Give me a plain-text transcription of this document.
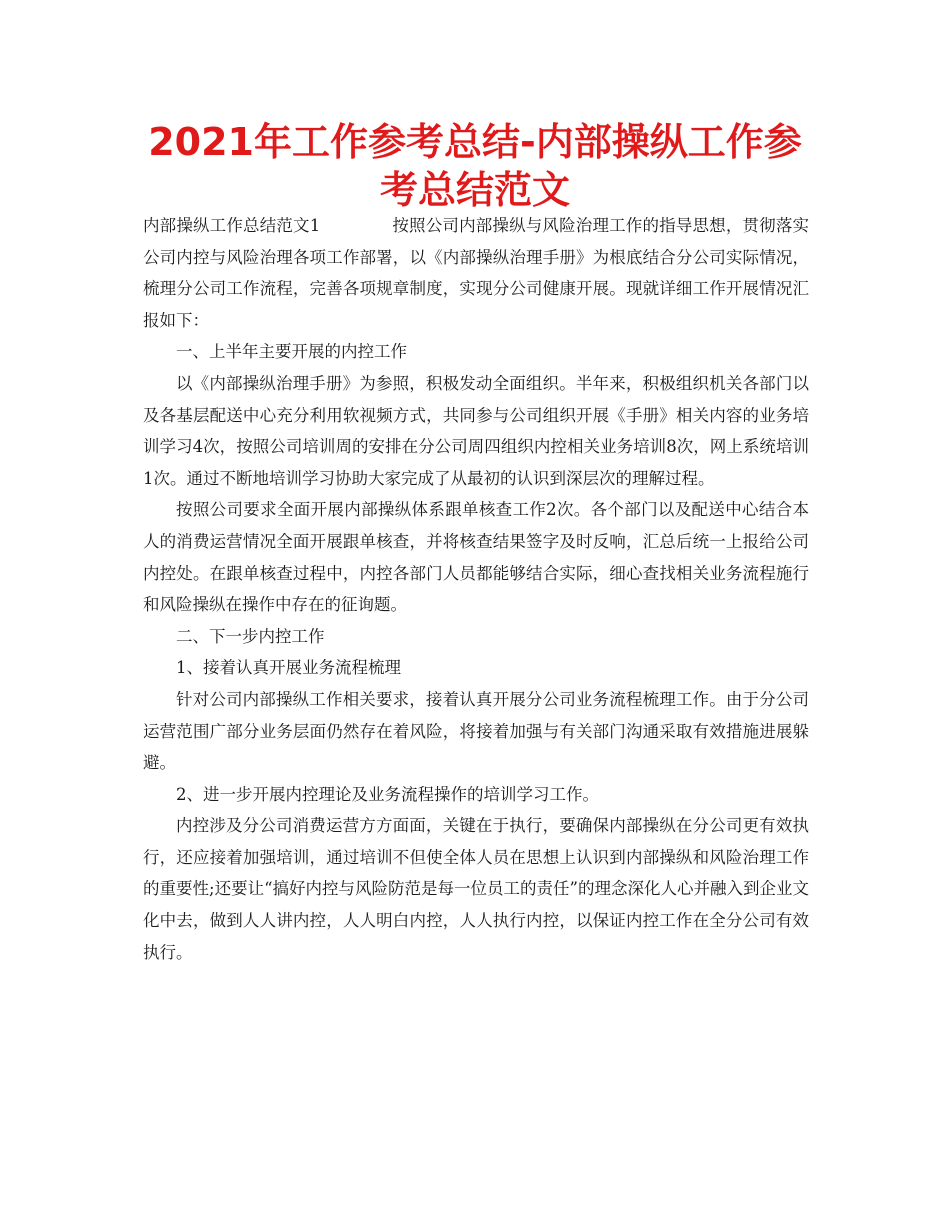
2021年工作参考总结-内部操纵工作参考总结范文

内部操纵工作总结范文1	按照公司内部操纵与风险治理工作的指导思想，贯彻落实公司内控与风险治理各项工作部署，以《内部操纵治理手册》为根底结合分公司实际情况，梳理分公司工作流程，完善各项规章制度，实现分公司健康开展。现就详细工作开展情况汇报如下：

一、上半年主要开展的内控工作

以《内部操纵治理手册》为参照，积极发动全面组织。半年来，积极组织机关各部门以及各基层配送中心充分利用软视频方式，共同参与公司组织开展《手册》相关内容的业务培训学习4次，按照公司培训周的安排在分公司周四组织内控相关业务培训8次，网上系统培训1次。通过不断地培训学习协助大家完成了从最初的认识到深层次的理解过程。

按照公司要求全面开展内部操纵体系跟单核查工作2次。各个部门以及配送中心结合本人的消费运营情况全面开展跟单核查，并将核查结果签字及时反响，汇总后统一上报给公司内控处。在跟单核查过程中，内控各部门人员都能够结合实际，细心查找相关业务流程施行和风险操纵在操作中存在的征询题。

二、下一步内控工作

1、接着认真开展业务流程梳理

针对公司内部操纵工作相关要求，接着认真开展分公司业务流程梳理工作。由于分公司运营范围广部分业务层面仍然存在着风险，将接着加强与有关部门沟通采取有效措施进展躲避。

2、进一步开展内控理论及业务流程操作的培训学习工作。

内控涉及分公司消费运营方方面面，关键在于执行，要确保内部操纵在分公司更有效执行，还应接着加强培训，通过培训不但使全体人员在思想上认识到内部操纵和风险治理工作的重要性;还要让“搞好内控与风险防范是每一位员工的责任”的理念深化人心并融入到企业文化中去，做到人人讲内控，人人明白内控，人人执行内控，以保证内控工作在全分公司有效执行。
